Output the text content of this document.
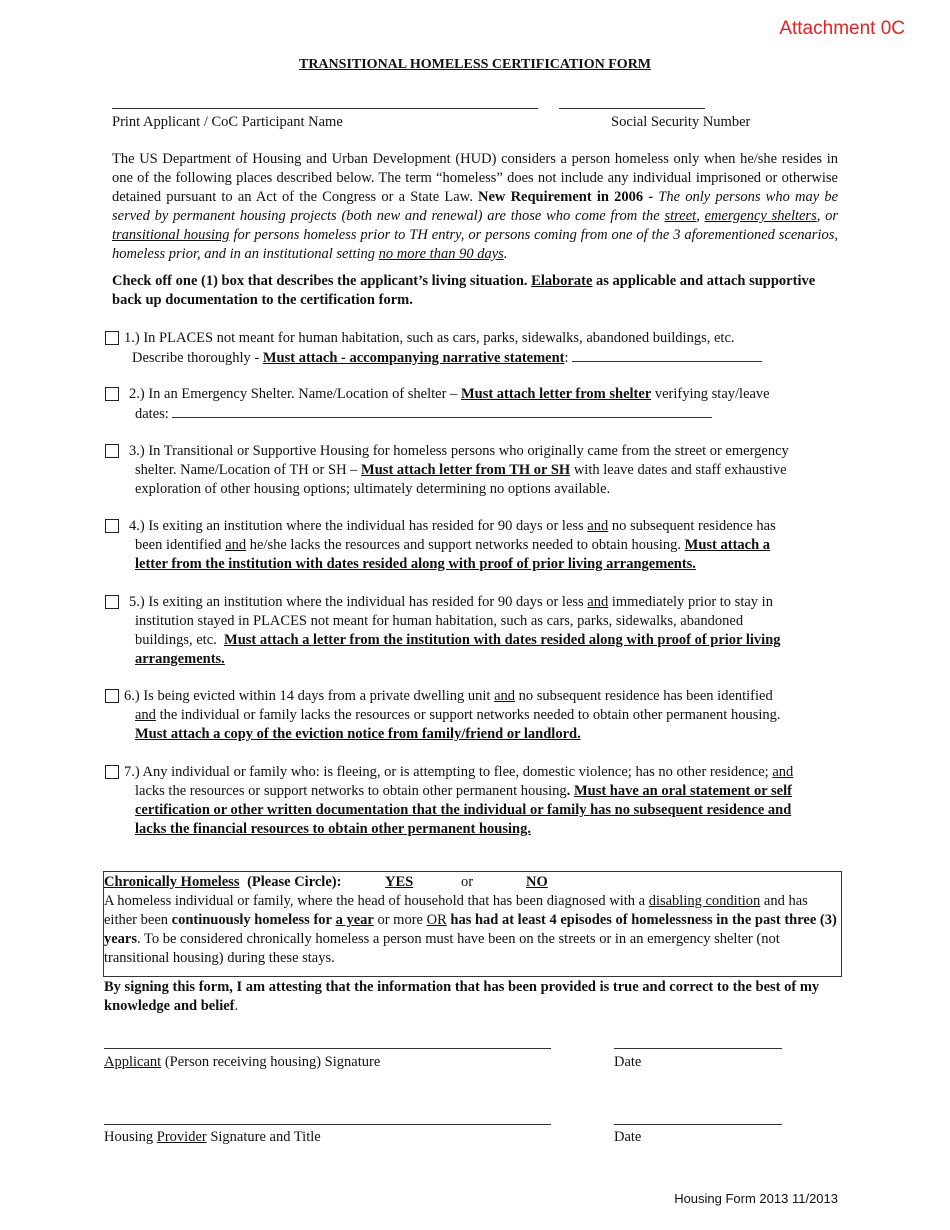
Attachment 0C
TRANSITIONAL HOMELESS CERTIFICATION FORM
Print Applicant / CoC Participant Name	Social Security Number
The US Department of Housing and Urban Development (HUD) considers a person homeless only when he/she resides in one of the following places described below. The term “homeless” does not include any individual imprisoned or otherwise detained pursuant to an Act of the Congress or a State Law. New Requirement in 2006 - The only persons who may be served by permanent housing projects (both new and renewal) are those who come from the street, emergency shelters, or transitional housing for persons homeless prior to TH entry, or persons coming from one of the 3 aforementioned scenarios, homeless prior, and in an institutional setting no more than 90 days.
Check off one (1) box that describes the applicant’s living situation. Elaborate as applicable and attach supportive back up documentation to the certification form.
1.) In PLACES not meant for human habitation, such as cars, parks, sidewalks, abandoned buildings, etc.
Describe thoroughly - Must attach - accompanying narrative statement:
2.) In an Emergency Shelter. Name/Location of shelter – Must attach letter from shelter verifying stay/leave
dates:
3.) In Transitional or Supportive Housing for homeless persons who originally came from the street or emergency
shelter. Name/Location of TH or SH – Must attach letter from TH or SH with leave dates and staff exhaustive
exploration of other housing options; ultimately determining no options available.
4.) Is exiting an institution where the individual has resided for 90 days or less and no subsequent residence has
been identified and he/she lacks the resources and support networks needed to obtain housing. Must attach a
letter from the institution with dates resided along with proof of prior living arrangements.
5.) Is exiting an institution where the individual has resided for 90 days or less and immediately prior to stay in
institution stayed in PLACES not meant for human habitation, such as cars, parks, sidewalks, abandoned
buildings, etc. Must attach a letter from the institution with dates resided along with proof of prior living
arrangements.
6.) Is being evicted within 14 days from a private dwelling unit and no subsequent residence has been identified
and the individual or family lacks the resources or support networks needed to obtain other permanent housing.
Must attach a copy of the eviction notice from family/friend or landlord.
7.) Any individual or family who: is fleeing, or is attempting to flee, domestic violence; has no other residence; and
lacks the resources or support networks to obtain other permanent housing. Must have an oral statement or self
certification or other written documentation that the individual or family has no subsequent residence and
lacks the financial resources to obtain other permanent housing.
Chronically Homeless (Please Circle):	YES	or	NO
A homeless individual or family, where the head of household that has been diagnosed with a disabling condition and has either been continuously homeless for a year or more OR has had at least 4 episodes of homelessness in the past three (3) years. To be considered chronically homeless a person must have been on the streets or in an emergency shelter (not transitional housing) during these stays.
By signing this form, I am attesting that the information that has been provided is true and correct to the best of my knowledge and belief.
Applicant (Person receiving housing) Signature	Date
Housing Provider Signature and Title	Date
Housing Form 2013 11/2013
